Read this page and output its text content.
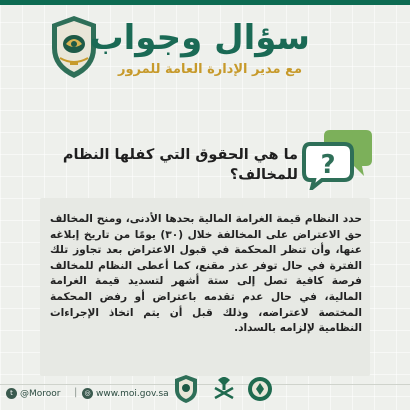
سؤال وجواب
مع مدير الإدارة العامة للمرور
?
ما هي الحقوق التي كفلها النظام للمخالف؟
حدد النظام قيمة الغرامة المالية بحدها الأدنى، ومنح المخالف حق الاعتراض على المخالفة خلال (٣٠) يومًا من تاريخ إبلاغه عنها، وأن تنظر المحكمة في قبول الاعتراض بعد تجاوز تلك الفترة في حال توفر عذر مقنع، كما أعطى النظام للمخالف فرصة كافية تصل إلى ستة أشهر لتسديد قيمة الغرامة المالية، في حال عدم تقدمه باعتراض أو رفض المحكمة المختصة لاعتراضه، وذلك قبل أن يتم اتخاذ الإجراءات النظامية لإلزامه بالسداد.
t @Moroor |	◎ www.moi.gov.sa
